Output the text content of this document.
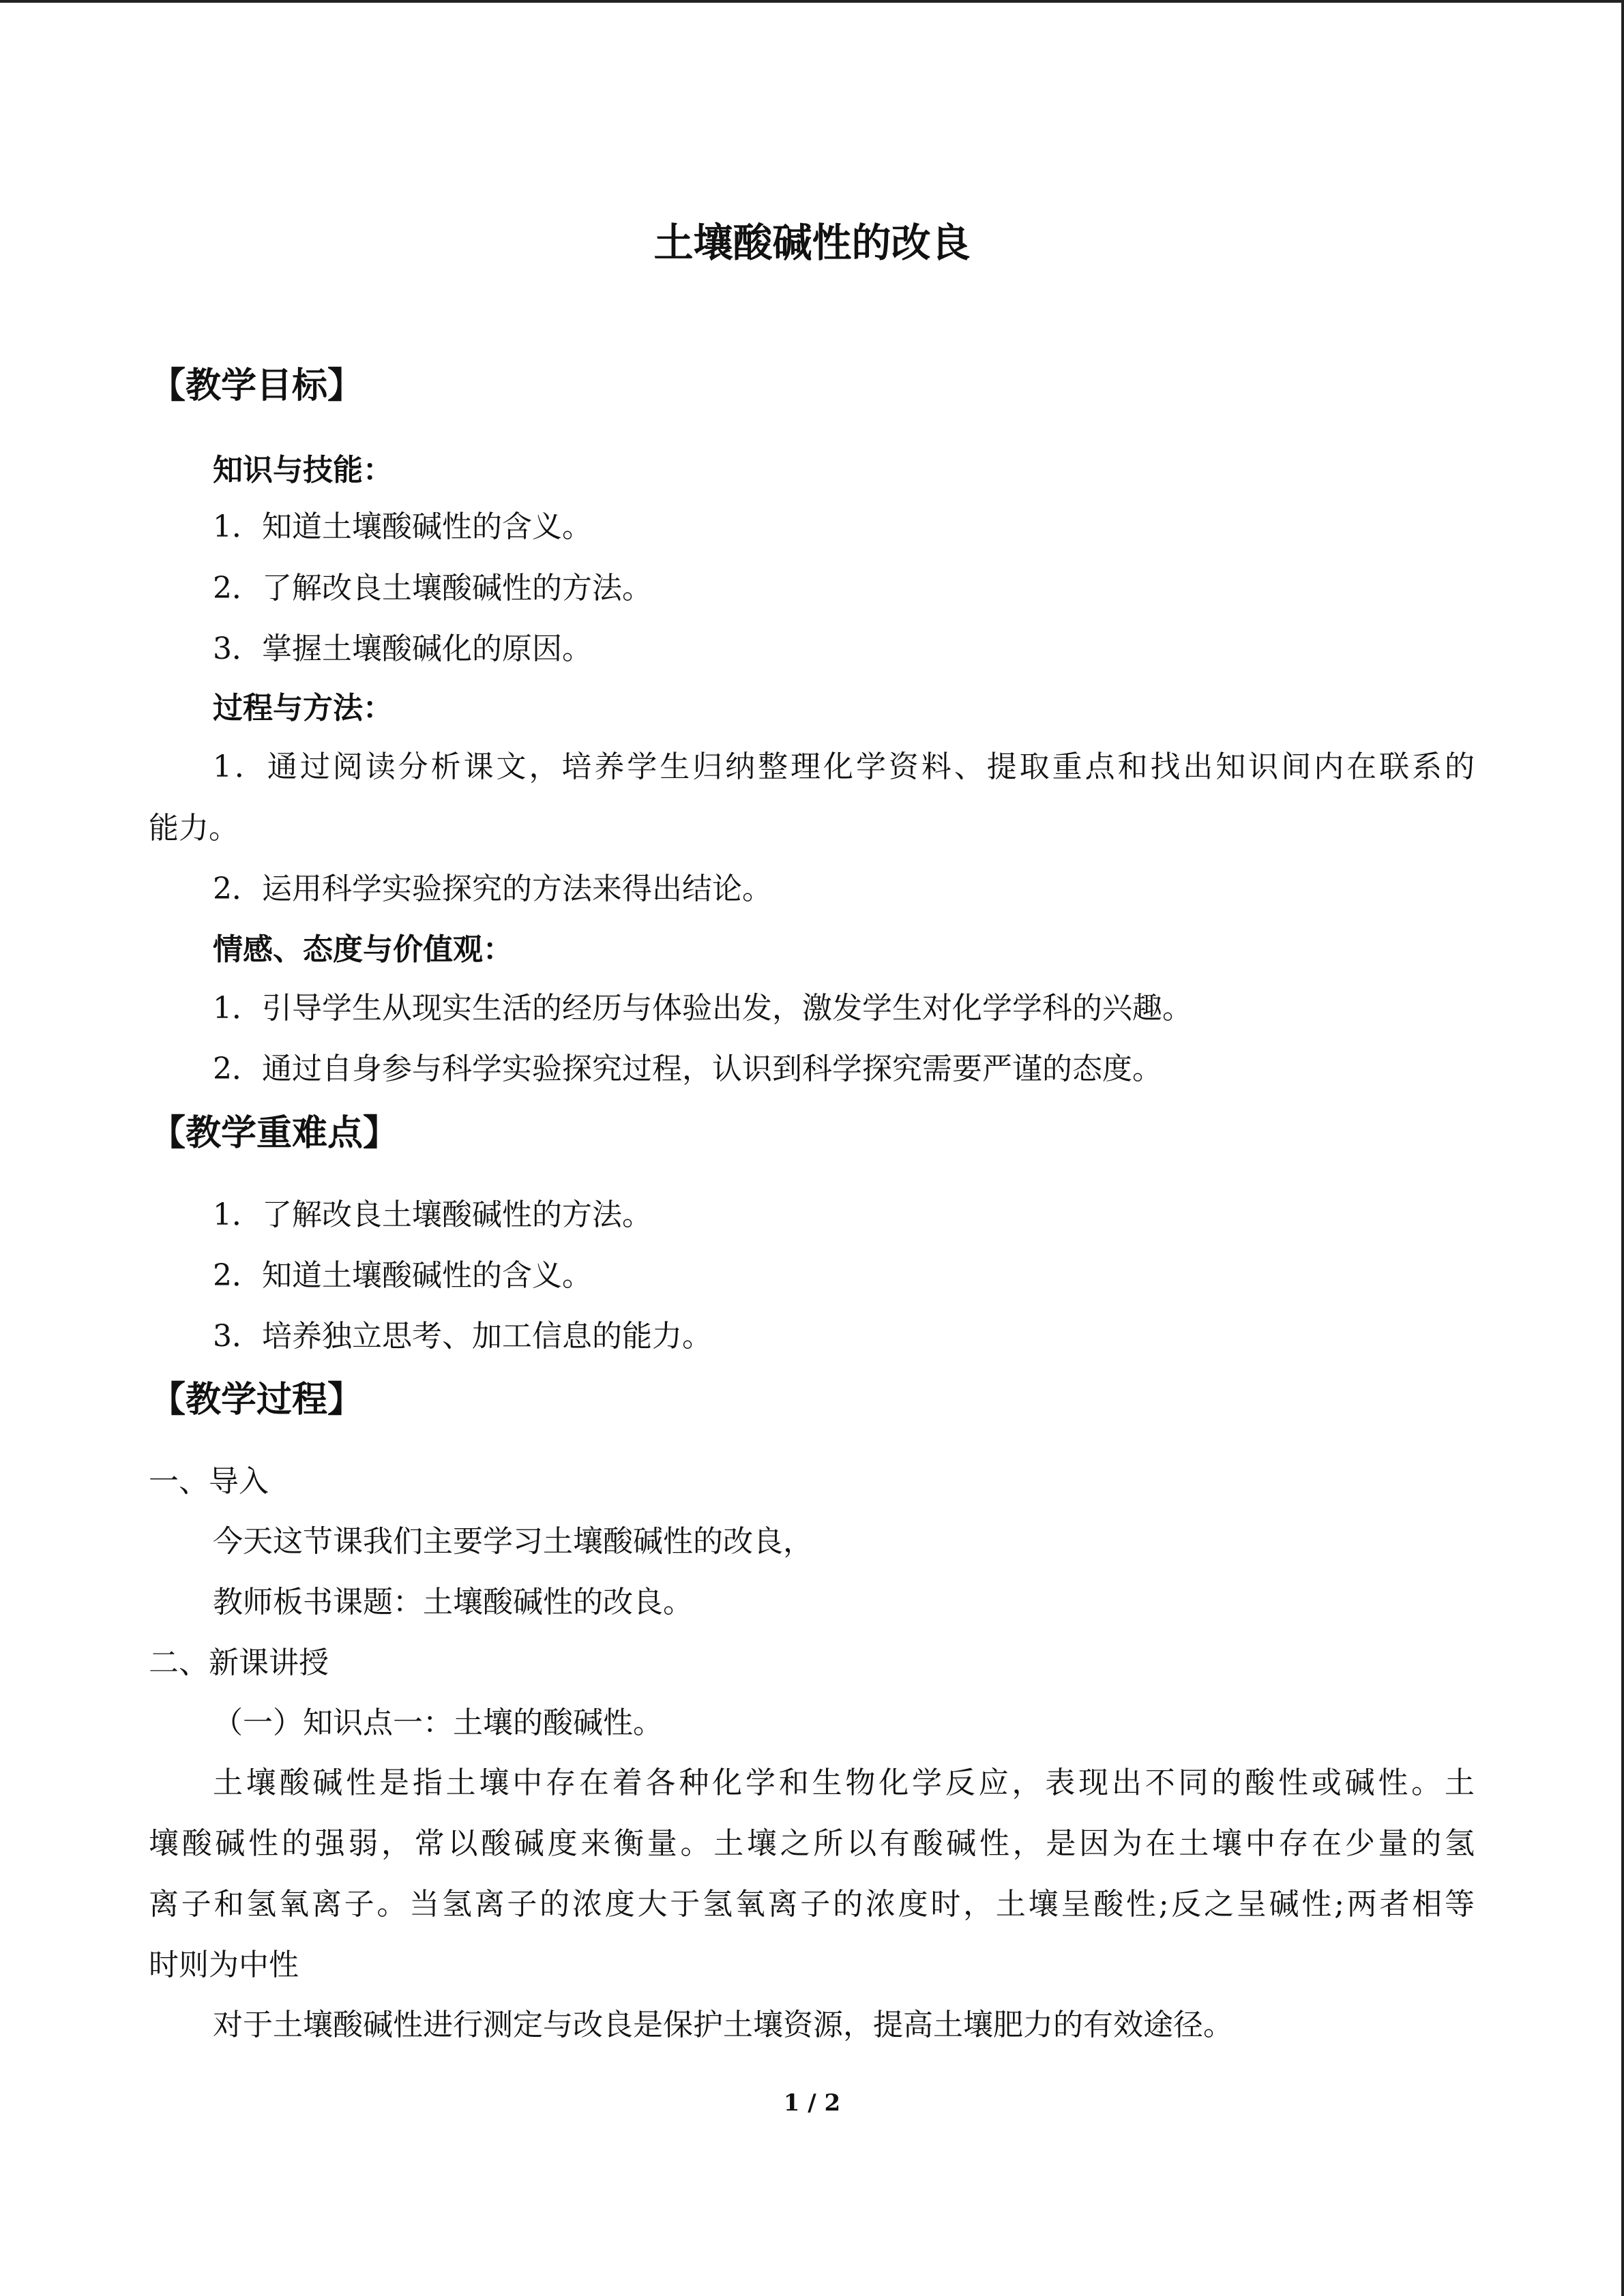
土壤酸碱性的改良
【教学目标】
知识与技能：
1．知道土壤酸碱性的含义。
2．了解改良土壤酸碱性的方法。
3．掌握土壤酸碱化的原因。
过程与方法：
1．通过阅读分析课文，培养学生归纳整理化学资料、提取重点和找出知识间内在联系的
能力。
2．运用科学实验探究的方法来得出结论。
情感、态度与价值观：
1．引导学生从现实生活的经历与体验出发，激发学生对化学学科的兴趣。
2．通过自身参与科学实验探究过程，认识到科学探究需要严谨的态度。
【教学重难点】
1．了解改良土壤酸碱性的方法。
2．知道土壤酸碱性的含义。
3．培养独立思考、加工信息的能力。
【教学过程】
一、导入
今天这节课我们主要学习土壤酸碱性的改良，
教师板书课题：土壤酸碱性的改良。
二、新课讲授
（一）知识点一：土壤的酸碱性。
土壤酸碱性是指土壤中存在着各种化学和生物化学反应，表现出不同的酸性或碱性。土
壤酸碱性的强弱，常以酸碱度来衡量。土壤之所以有酸碱性，是因为在土壤中存在少量的氢
离子和氢氧离子。当氢离子的浓度大于氢氧离子的浓度时，土壤呈酸性;反之呈碱性;两者相等
时则为中性
对于土壤酸碱性进行测定与改良是保护土壤资源，提高土壤肥力的有效途径。
1 / 2
